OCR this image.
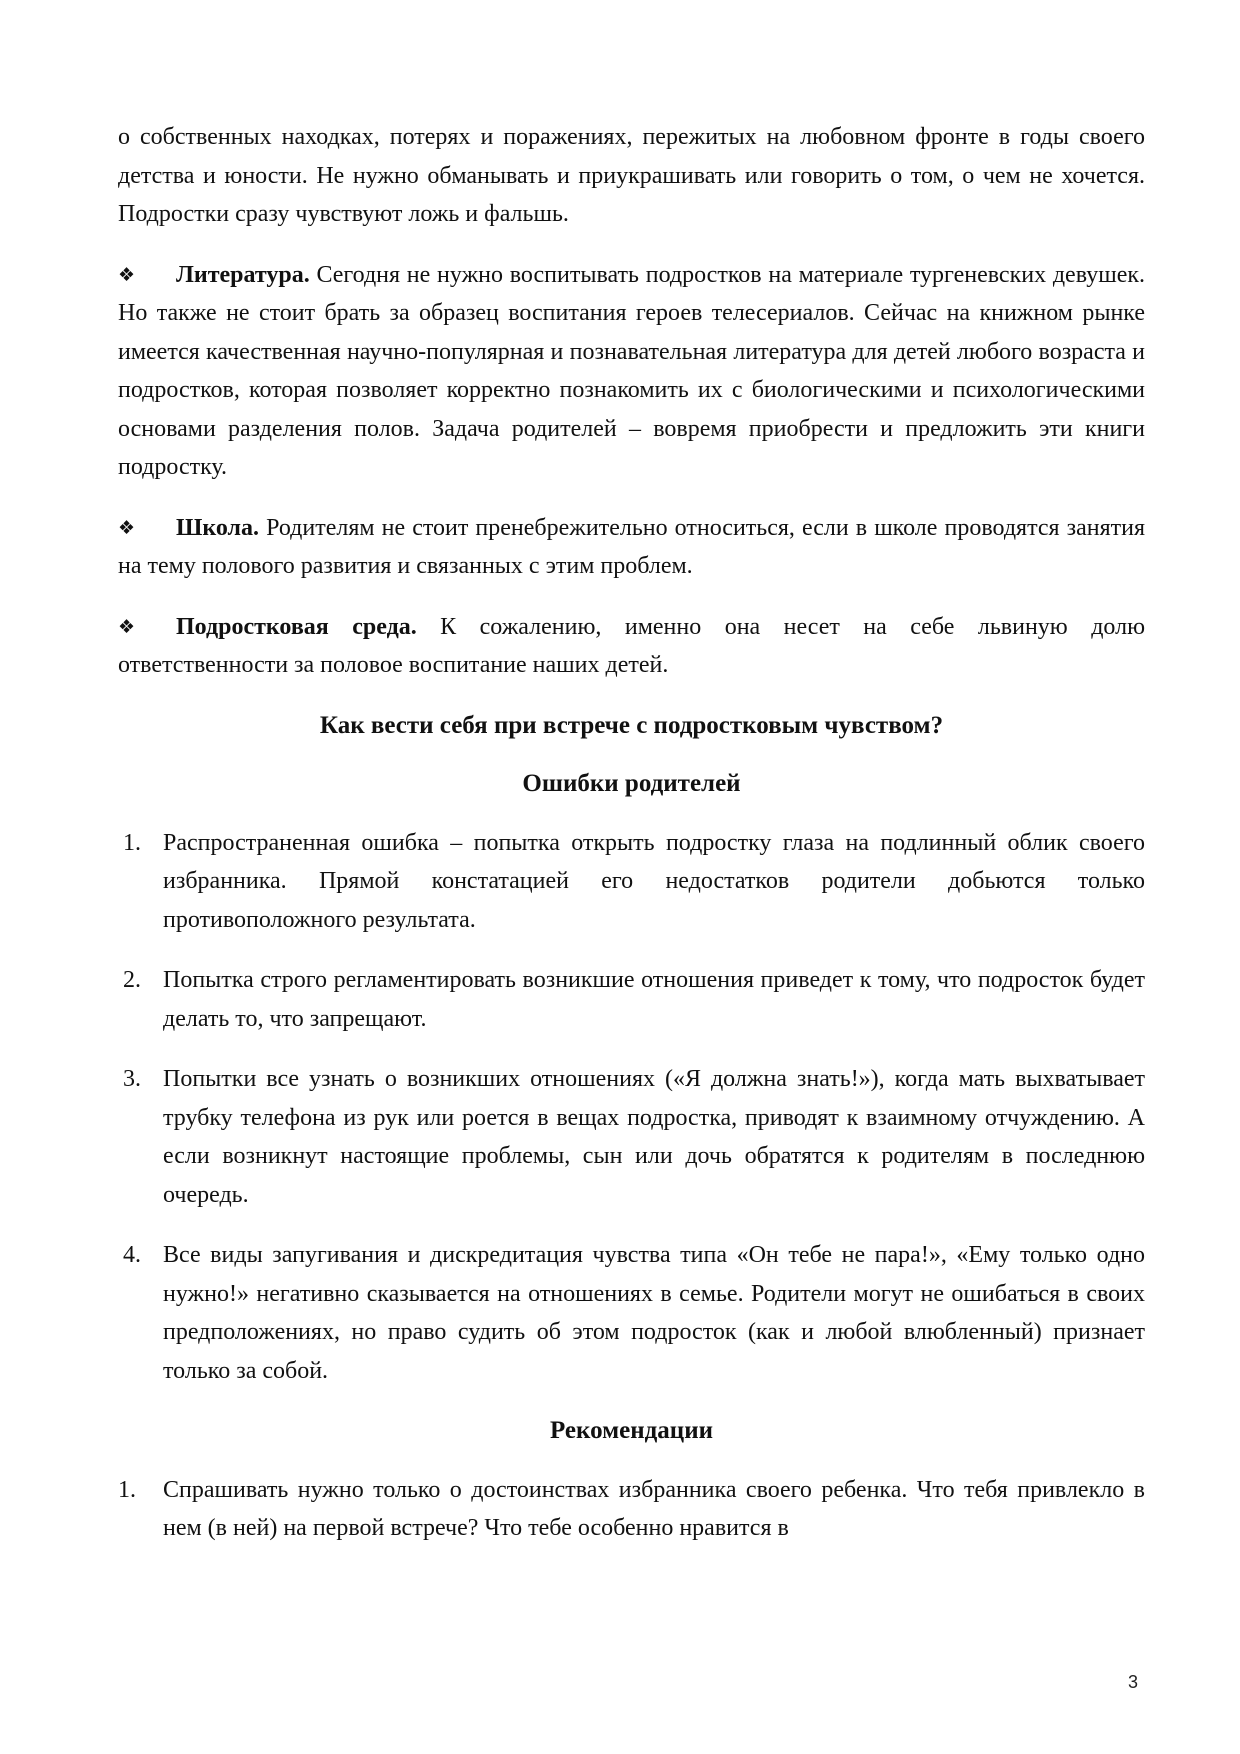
о собственных находках, потерях и поражениях, пережитых на любовном фронте в годы своего детства и юности. Не нужно обманывать и приукрашивать или говорить о том, о чем не хочется. Подростки сразу чувствуют ложь и фальшь.

❖ Литература. Сегодня не нужно воспитывать подростков на материале тургеневских девушек. Но также не стоит брать за образец воспитания героев телесериалов. Сейчас на книжном рынке имеется качественная научно-популярная и познавательная литература для детей любого возраста и подростков, которая позволяет корректно познакомить их с биологическими и психологическими основами разделения полов. Задача родителей – вовремя приобрести и предложить эти книги подростку.

❖ Школа. Родителям не стоит пренебрежительно относиться, если в школе проводятся занятия на тему полового развития и связанных с этим проблем.

❖ Подростковая среда. К сожалению, именно она несет на себе львиную долю ответственности за половое воспитание наших детей.

Как вести себя при встрече с подростковым чувством?
Ошибки родителей
1. Распространенная ошибка – попытка открыть подростку глаза на подлинный облик своего избранника. Прямой констатацией его недостатков родители добьются только противоположного результата.
2. Попытка строго регламентировать возникшие отношения приведет к тому, что подросток будет делать то, что запрещают.
3. Попытки все узнать о возникших отношениях («Я должна знать!»), когда мать выхватывает трубку телефона из рук или роется в вещах подростка, приводят к взаимному отчуждению. А если возникнут настоящие проблемы, сын или дочь обратятся к родителям в последнюю очередь.
4. Все виды запугивания и дискредитация чувства типа «Он тебе не пара!», «Ему только одно нужно!» негативно сказывается на отношениях в семье. Родители могут не ошибаться в своих предположениях, но право судить об этом подросток (как и любой влюбленный) признает только за собой.
Рекомендации
1. Спрашивать нужно только о достоинствах избранника своего ребенка. Что тебя привлекло в нем (в ней) на первой встрече? Что тебе особенно нравится в
3
